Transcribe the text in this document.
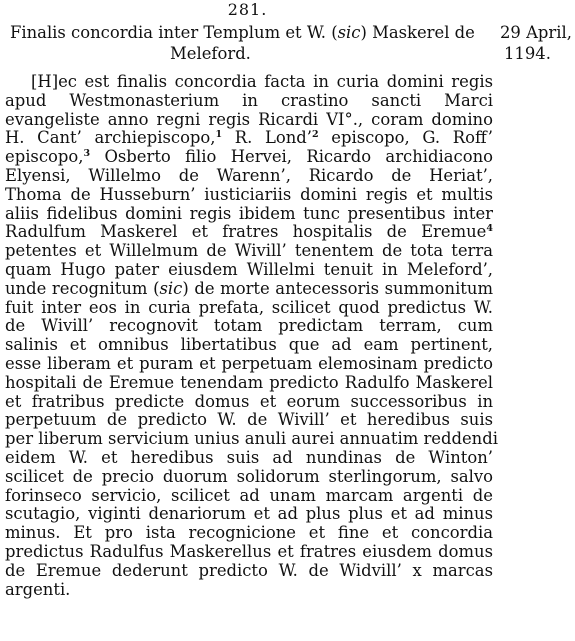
281.
Finalis concordia inter Templum et W. (sic) Maskerel de
Meleford.
29 April,
1194.
[H]ec est finalis concordia facta in curia domini regis
apud Westmonasterium in crastino sancti Marci
evangeliste anno regni regis Ricardi VI°., coram domino
H. Cant’ archiepiscopo,$^1$ R. Lond’$^2$ episcopo, G. Roff’
episcopo,$^3$ Osberto filio Hervei, Ricardo archidiacono
Elyensi, Willelmo de Warenn’, Ricardo de Heriat’,
Thoma de Husseburn’ iusticiariis domini regis et multis
aliis fidelibus domini regis ibidem tunc presentibus inter
Radulfum Maskerel et fratres hospitalis de Eremue$^4$
petentes et Willelmum de Wivill’ tenentem de tota terra
quam Hugo pater eiusdem Willelmi tenuit in Meleford’,
unde recognitum (sic) de morte antecessoris summonitum
fuit inter eos in curia prefata, scilicet quod predictus W.
de Wivill’ recognovit totam predictam terram, cum
salinis et omnibus libertatibus que ad eam pertinent,
esse liberam et puram et perpetuam elemosinam predicto
hospitali de Eremue tenendam predicto Radulfo Maskerel
et fratribus predicte domus et eorum successoribus in
perpetuum de predicto W. de Wivill’ et heredibus suis
per liberum servicium unius anuli aurei annuatim reddendi
eidem W. et heredibus suis ad nundinas de Winton’
scilicet de precio duorum solidorum sterlingorum, salvo
forinseco servicio, scilicet ad unam marcam argenti de
scutagio, viginti denariorum et ad plus plus et ad minus
minus. Et pro ista recognicione et fine et concordia
predictus Radulfus Maskerellus et fratres eiusdem domus
de Eremue dederunt predicto W. de Widvill’ x marcas
argenti.
